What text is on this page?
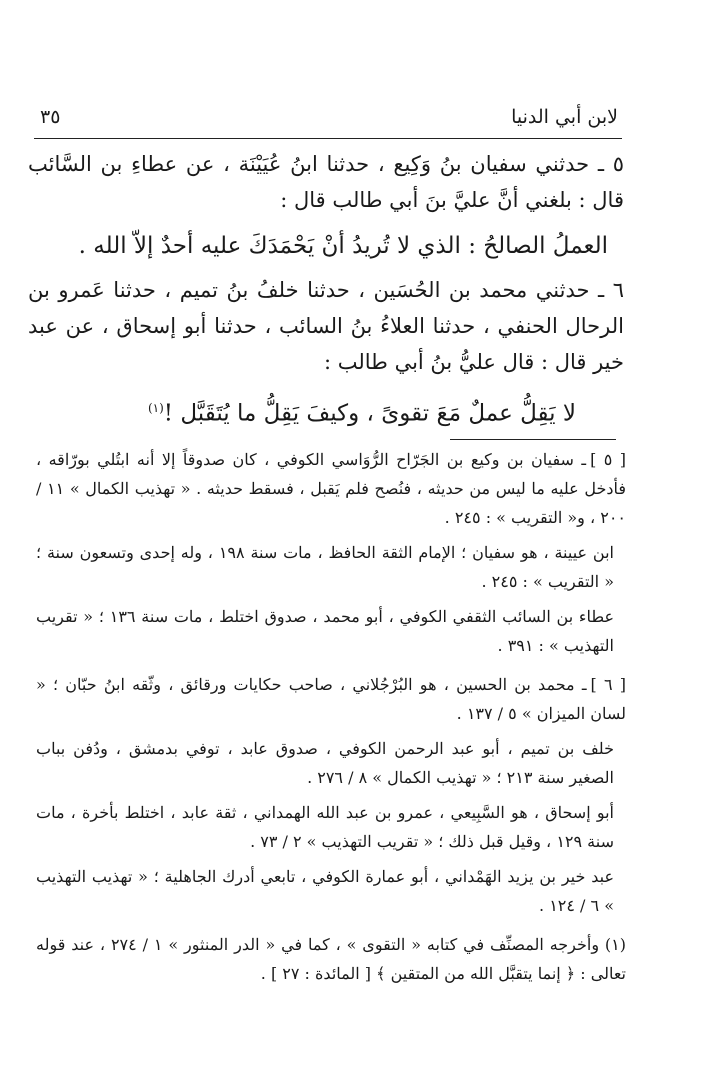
لابن أبي الدنيا
٣٥

٥ ـ حدثني سفيان بنُ وَكِيع ، حدثنا ابنُ عُيَيْنَة ، عن عطاءِ بن السَّائب قال : بلغني أنَّ عليَّ بنَ أبي طالب قال :

العملُ الصالحُ : الذي لا تُريدُ أنْ يَحْمَدَكَ عليه أحدٌ إلاّ الله .

٦ ـ حدثني محمد بن الحُسَين ، حدثنا خلفُ بنُ تميم ، حدثنا عَمرو بن الرحال الحنفي ، حدثنا العلاءُ بنُ السائب ، حدثنا أبو إسحاق ، عن عبد خير قال : قال عليُّ بنُ أبي طالب :

لا يَقِلُّ عملٌ مَعَ تقوىً ، وكيفَ يَقِلُّ ما يُتَقَبَّل !$^{(١)}$

[ ٥ ]ـ سفيان بن وكيع بن الجَرّاح الرُّوَاسي الكوفي ، كان صدوقاً إلا أنه ابتُلي بورّاقه ، فأدخل عليه ما ليس من حديثه ، فنُصح فلم يَقبل ، فسقط حديثه . « تهذيب الكمال » ١١ / ٢٠٠ ، و« التقريب » : ٢٤٥ .

ابن عيينة ، هو سفيان ؛ الإمام الثقة الحافظ ، مات سنة ١٩٨ ، وله إحدى وتسعون سنة ؛ « التقريب » : ٢٤٥ .

عطاء بن السائب الثقفي الكوفي ، أبو محمد ، صدوق اختلط ، مات سنة ١٣٦ ؛ « تقريب التهذيب » : ٣٩١ .

[ ٦ ]ـ محمد بن الحسين ، هو البُرْجُلاني ، صاحب حكايات ورقائق ، وثّقه ابنُ حبّان ؛ « لسان الميزان » ٥ / ١٣٧ .

خلف بن تميم ، أبو عبد الرحمن الكوفي ، صدوق عابد ، توفي بدمشق ، ودُفن بباب الصغير سنة ٢١٣ ؛ « تهذيب الكمال » ٨ / ٢٧٦ .

أبو إسحاق ، هو السَّبِيعي ، عمرو بن عبد الله الهمداني ، ثقة عابد ، اختلط بأخرة ، مات سنة ١٢٩ ، وقيل قبل ذلك ؛ « تقريب التهذيب » ٢ / ٧٣ .

عبد خير بن يزيد الهَمْداني ، أبو عمارة الكوفي ، تابعي أدرك الجاهلية ؛ « تهذيب التهذيب » ٦ / ١٢٤ .

(١) وأخرجه المصنِّف في كتابه « التقوى » ، كما في « الدر المنثور » ١ / ٢٧٤ ، عند قوله تعالى : ﴿ إنما يتقبَّل الله من المتقين ﴾ [ المائدة : ٢٧ ] .
